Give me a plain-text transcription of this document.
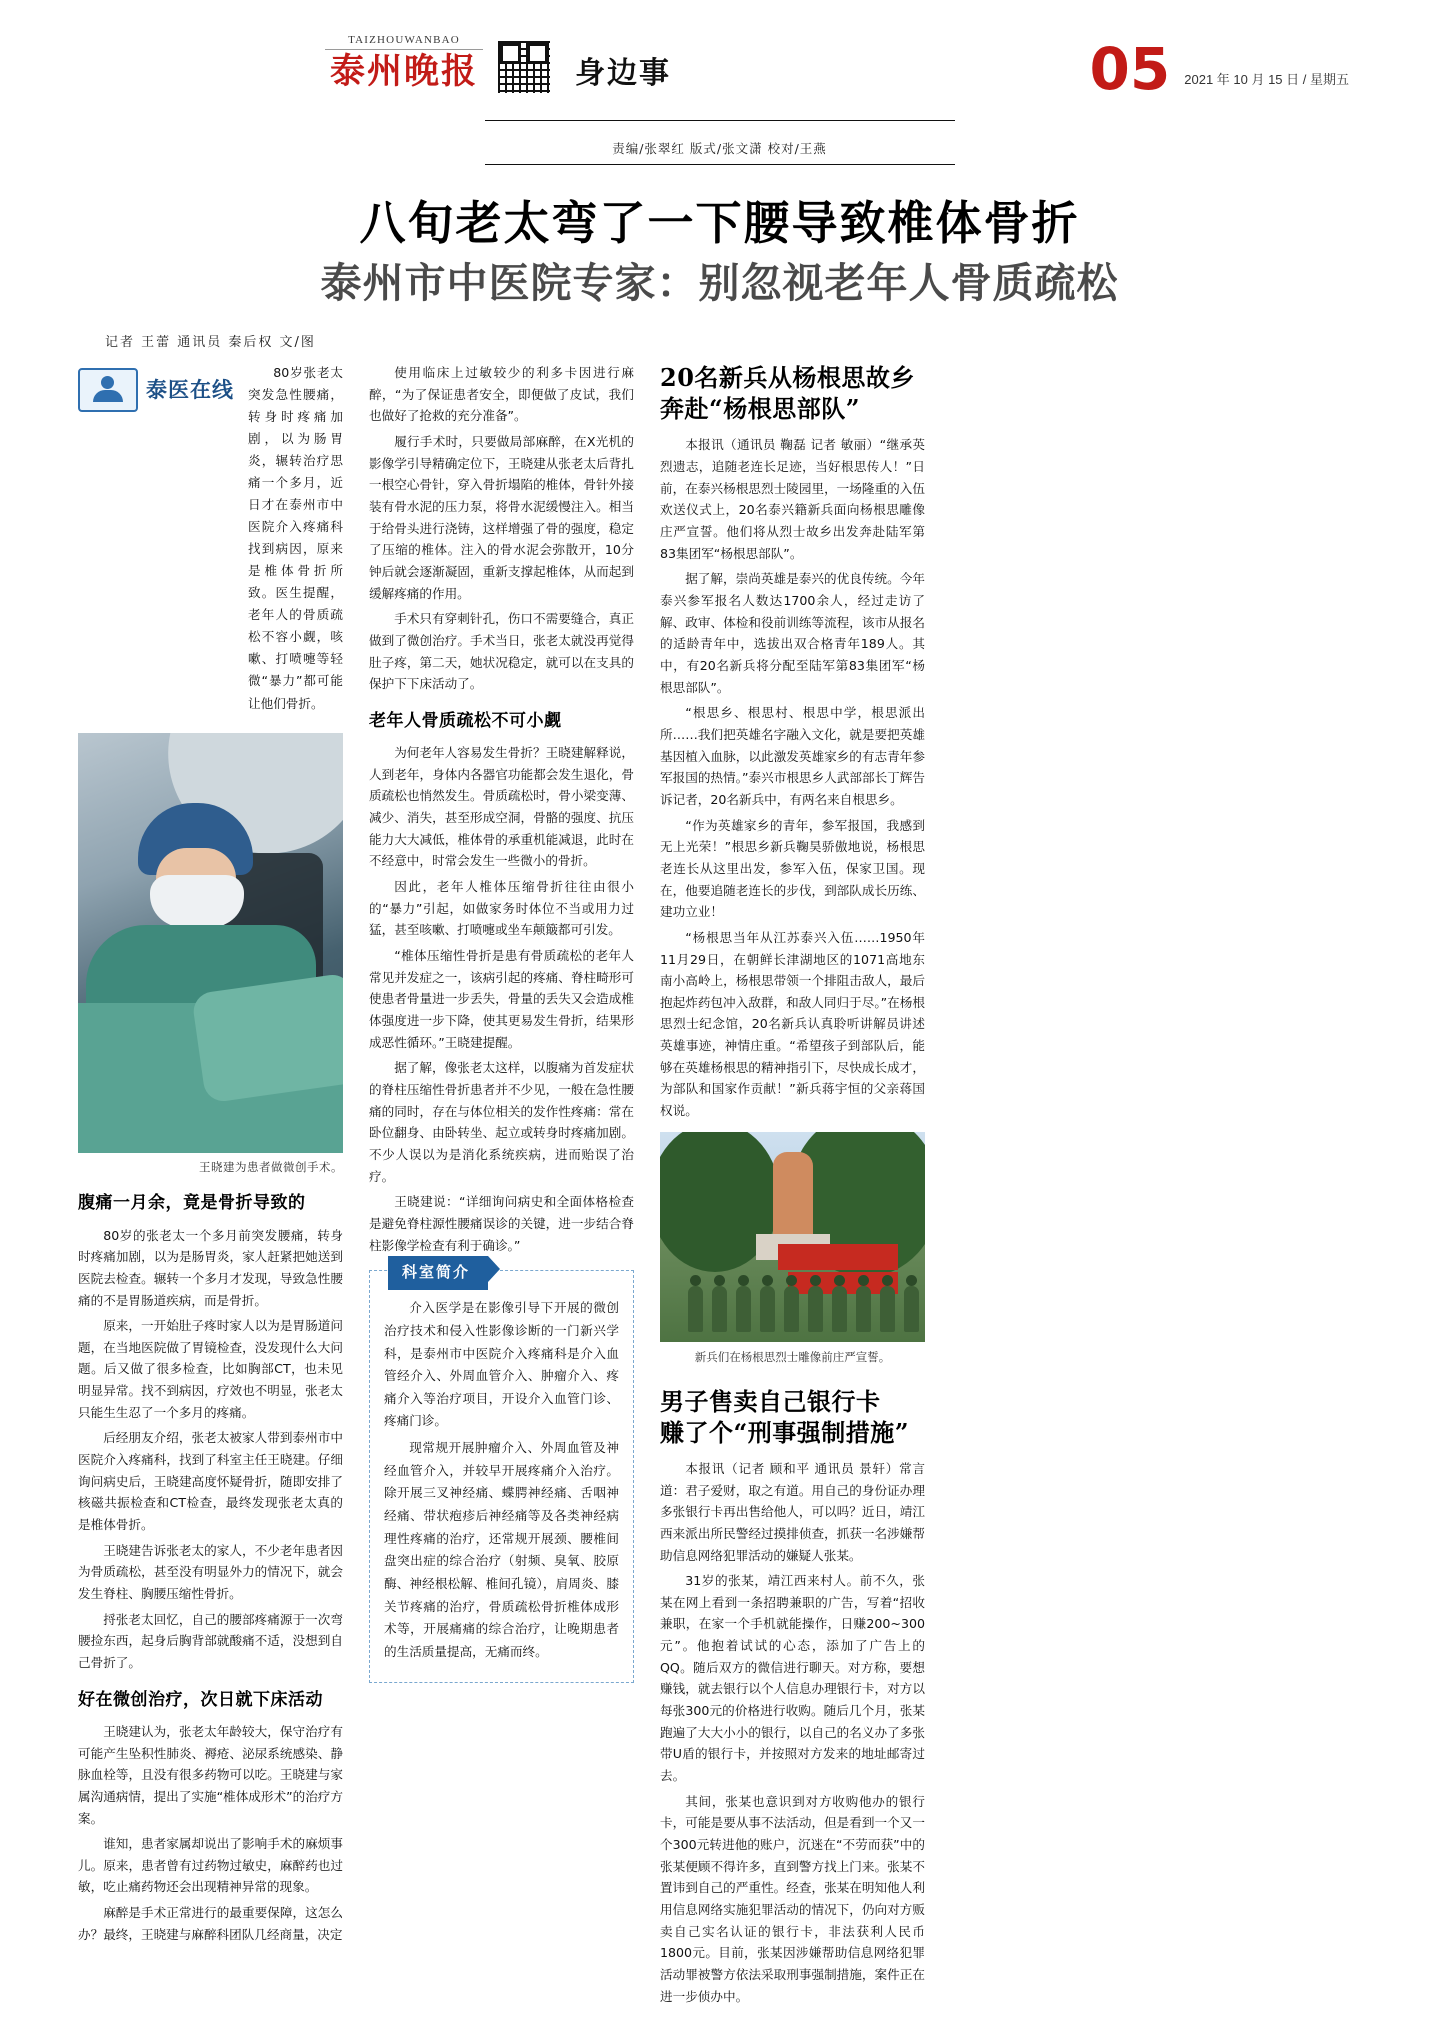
TAIZHOUWANBAO
泰州晚报	身边事	05 2021 年 10 月 15 日 / 星期五
责编/张翠红 版式/张文潇 校对/王燕
八旬老太弯了一下腰导致椎体骨折
泰州市中医院专家：别忽视老年人骨质疏松
记者 王蕾 通讯员 秦后权 文/图
泰医在线

80岁张老太突发急性腰痛，转身时疼痛加剧，以为肠胃炎，辗转治疗思痛一个多月，近日才在泰州市中医院介入疼痛科找到病因，原来是椎体骨折所致。医生提醒，老年人的骨质疏松不容小觑，咳嗽、打喷嚏等轻微“暴力”都可能让他们骨折。

王晓建为患者做微创手术。
腹痛一月余，竟是骨折导致的

80岁的张老太一个多月前突发腰痛，转身时疼痛加剧，以为是肠胃炎，家人赶紧把她送到医院去检查。辗转一个多月才发现，导致急性腰痛的不是胃肠道疾病，而是骨折。

原来，一开始肚子疼时家人以为是胃肠道问题，在当地医院做了胃镜检查，没发现什么大问题。后又做了很多检查，比如胸部CT，也未见明显异常。找不到病因，疗效也不明显，张老太只能生生忍了一个多月的疼痛。

后经朋友介绍，张老太被家人带到泰州市中医院介入疼痛科，找到了科室主任王晓建。仔细询问病史后，王晓建高度怀疑骨折，随即安排了核磁共振检查和CT检查，最终发现张老太真的是椎体骨折。

王晓建告诉张老太的家人，不少老年患者因为骨质疏松，甚至没有明显外力的情况下，就会发生脊柱、胸腰压缩性骨折。

捋张老太回忆，自己的腰部疼痛源于一次弯腰捡东西，起身后胸背部就酸痛不适，没想到自己骨折了。

好在微创治疗，次日就下床活动

王晓建认为，张老太年龄较大，保守治疗有可能产生坠积性肺炎、褥疮、泌尿系统感染、静脉血栓等，且没有很多药物可以吃。王晓建与家属沟通病情，提出了实施“椎体成形术”的治疗方案。

谁知，患者家属却说出了影响手术的麻烦事儿。原来，患者曾有过药物过敏史，麻醉药也过敏，吃止痛药物还会出现精神异常的现象。

麻醉是手术正常进行的最重要保障，这怎么办？最终，王晓建与麻醉科团队几经商量，决定

使用临床上过敏较少的利多卡因进行麻醉，“为了保证患者安全，即便做了皮试，我们也做好了抢救的充分准备”。

履行手术时，只要做局部麻醉，在X光机的影像学引导精确定位下，王晓建从张老太后背扎一根空心骨针，穿入骨折塌陷的椎体，骨针外接装有骨水泥的压力泵，将骨水泥缓慢注入。相当于给骨头进行浇铸，这样增强了骨的强度，稳定了压缩的椎体。注入的骨水泥会弥散开，10分钟后就会逐渐凝固，重新支撑起椎体，从而起到缓解疼痛的作用。

手术只有穿刺针孔，伤口不需要缝合，真正做到了微创治疗。手术当日，张老太就没再觉得肚子疼，第二天，她状况稳定，就可以在支具的保护下下床活动了。

老年人骨质疏松不可小觑

为何老年人容易发生骨折？王晓建解释说，人到老年，身体内各器官功能都会发生退化，骨质疏松也悄然发生。骨质疏松时，骨小梁变薄、减少、消失，甚至形成空洞，骨骼的强度、抗压能力大大减低，椎体骨的承重机能减退，此时在不经意中，时常会发生一些微小的骨折。

因此，老年人椎体压缩骨折往往由很小的“暴力”引起，如做家务时体位不当或用力过猛，甚至咳嗽、打喷嚏或坐车颠簸都可引发。

“椎体压缩性骨折是患有骨质疏松的老年人常见并发症之一，该病引起的疼痛、脊柱畸形可使患者骨量进一步丢失，骨量的丢失又会造成椎体强度进一步下降，使其更易发生骨折，结果形成恶性循环。”王晓建提醒。

据了解，像张老太这样，以腹痛为首发症状的脊柱压缩性骨折患者并不少见，一般在急性腰痛的同时，存在与体位相关的发作性疼痛：常在卧位翻身、由卧转坐、起立或转身时疼痛加剧。不少人误以为是消化系统疾病，进而贻误了治疗。

王晓建说：“详细询问病史和全面体格检查是避免脊柱源性腰痛误诊的关键，进一步结合脊柱影像学检查有利于确诊。”

科室简介

介入医学是在影像引导下开展的微创治疗技术和侵入性影像诊断的一门新兴学科，是泰州市中医院介入疼痛科是介入血管经介入、外周血管介入、肿瘤介入、疼痛介入等治疗项目，开设介入血管门诊、疼痛门诊。

现常规开展肿瘤介入、外周血管及神经血管介入，并较早开展疼痛介入治疗。除开展三叉神经痛、蝶腭神经痛、舌咽神经痛、带状疱疹后神经痛等及各类神经病理性疼痛的治疗，还常规开展颈、腰椎间盘突出症的综合治疗（射频、臭氧、胶原酶、神经根松解、椎间孔镜），肩周炎、膝关节疼痛的治疗，骨质疏松骨折椎体成形术等，开展痛痛的综合治疗，让晚期患者的生活质量提高，无痛而终。

20名新兵从杨根思故乡
奔赴“杨根思部队”

本报讯（通讯员 鞠磊 记者 敏丽）“继承英烈遗志，追随老连长足迹，当好根思传人！”日前，在泰兴杨根思烈士陵园里，一场隆重的入伍欢送仪式上，20名泰兴籍新兵面向杨根思雕像庄严宣誓。他们将从烈士故乡出发奔赴陆军第83集团军“杨根思部队”。

据了解，崇尚英雄是泰兴的优良传统。今年泰兴参军报名人数达1700余人，经过走访了解、政审、体检和役前训练等流程，该市从报名的适龄青年中，选拔出双合格青年189人。其中，有20名新兵将分配至陆军第83集团军“杨根思部队”。

“根思乡、根思村、根思中学，根思派出所……我们把英雄名字融入文化，就是要把英雄基因植入血脉，以此激发英雄家乡的有志青年参军报国的热情。”泰兴市根思乡人武部部长丁辉告诉记者，20名新兵中，有两名来自根思乡。

“作为英雄家乡的青年，参军报国，我感到无上光荣！”根思乡新兵鞠昊骄傲地说，杨根思老连长从这里出发，参军入伍，保家卫国。现在，他要追随老连长的步伐，到部队成长历练、建功立业！

“杨根思当年从江苏泰兴入伍……1950年11月29日，在朝鲜长津湖地区的1071高地东南小高岭上，杨根思带领一个排阻击敌人，最后抱起炸药包冲入敌群，和敌人同归于尽。”在杨根思烈士纪念馆，20名新兵认真聆听讲解员讲述英雄事迹，神情庄重。“希望孩子到部队后，能够在英雄杨根思的精神指引下，尽快成长成才，为部队和国家作贡献！”新兵蒋宇恒的父亲蒋国权说。

新兵们在杨根思烈士雕像前庄严宣誓。
男子售卖自己银行卡
赚了个“刑事强制措施”

本报讯（记者 顾和平 通讯员 景轩）常言道：君子爱财，取之有道。用自己的身份证办理多张银行卡再出售给他人，可以吗？近日，靖江西来派出所民警经过摸排侦查，抓获一名涉嫌帮助信息网络犯罪活动的嫌疑人张某。

31岁的张某，靖江西来村人。前不久，张某在网上看到一条招聘兼职的广告，写着“招收兼职，在家一个手机就能操作，日赚200~300元”。他抱着试试的心态，添加了广告上的QQ。随后双方的微信进行聊天。对方称，要想赚钱，就去银行以个人信息办理银行卡，对方以每张300元的价格进行收购。随后几个月，张某跑遍了大大小小的银行，以自己的名义办了多张带U盾的银行卡，并按照对方发来的地址邮寄过去。

其间，张某也意识到对方收购他办的银行卡，可能是要从事不法活动，但是看到一个又一个300元转进他的账户，沉迷在“不劳而获”中的张某便顾不得许多，直到警方找上门来。张某不置讳到自己的严重性。经查，张某在明知他人利用信息网络实施犯罪活动的情况下，仍向对方贩卖自己实名认证的银行卡，非法获利人民币1800元。目前，张某因涉嫌帮助信息网络犯罪活动罪被警方依法采取刑事强制措施，案件正在进一步侦办中。
